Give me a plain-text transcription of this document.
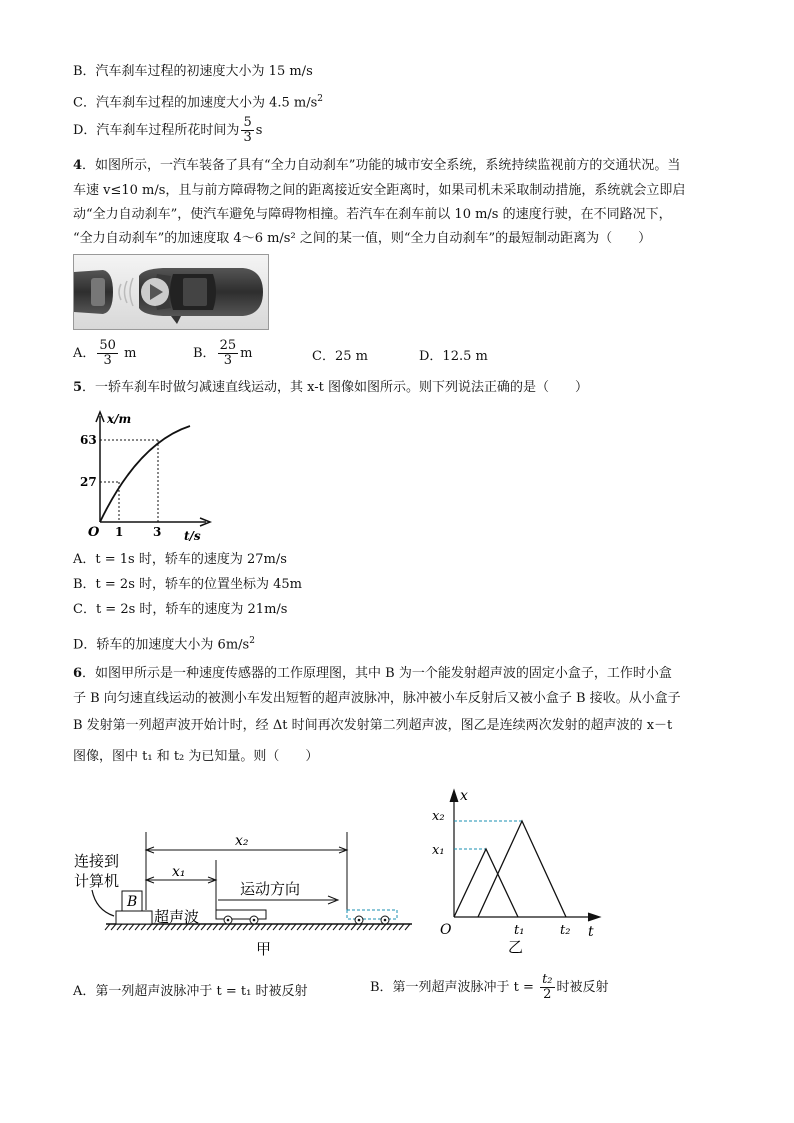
B．汽车刹车过程的初速度大小为 15 m/s
C．汽车刹车过程的加速度大小为 4.5 $m/s^2$
D．汽车刹车过程所花时间为 $\frac{5}{3}$ s
4．如图所示，一汽车装备了具有“全力自动刹车”功能的城市安全系统，系统持续监视前方的交通状况。当
车速 v≤10 m/s，且与前方障碍物之间的距离接近安全距离时，如果司机未采取制动措施，系统就会立即启
动“全力自动刹车”，使汽车避免与障碍物相撞。若汽车在刹车前以 10 m/s 的速度行驶，在不同路况下，
“全力自动刹车”的加速度取 4～6 m/s² 之间的某一值，则“全力自动刹车”的最短制动距离为（　　）
A． $\frac{50}{3}$ m	B． $\frac{25}{3}$ m	C．25 m	D．12.5 m
5．一轿车刹车时做匀减速直线运动，其 x-t 图像如图所示。则下列说法正确的是（　　）
x/m
63
27
O 1 3 t/s
A．t = 1s 时，轿车的速度为 27m/s
B．t = 2s 时，轿车的位置坐标为 45m
C．t = 2s 时，轿车的速度为 21m/s
D．轿车的加速度大小为 $6m/s^2$
6．如图甲所示是一种速度传感器的工作原理图，其中 B 为一个能发射超声波的固定小盒子，工作时小盒
子 B 向匀速直线运动的被测小车发出短暂的超声波脉冲，脉冲被小车反射后又被小盒子 B 接收。从小盒子
B 发射第一列超声波开始计时，经 Δt 时间再次发射第二列超声波，图乙是连续两次发射的超声波的 x－t
图像，图中 t₁ 和 t₂ 为已知量。则（　　）
连接到
计算机
B
x₂
x₁
运动方向
超声波
甲
x
t
O
x₂
x₁
t₁	t₂
乙
A．第一列超声波脉冲于 t = t₁ 时被反射	B．第一列超声波脉冲于 $t = \frac{\text{t₂}}{2}$ 时被反射
